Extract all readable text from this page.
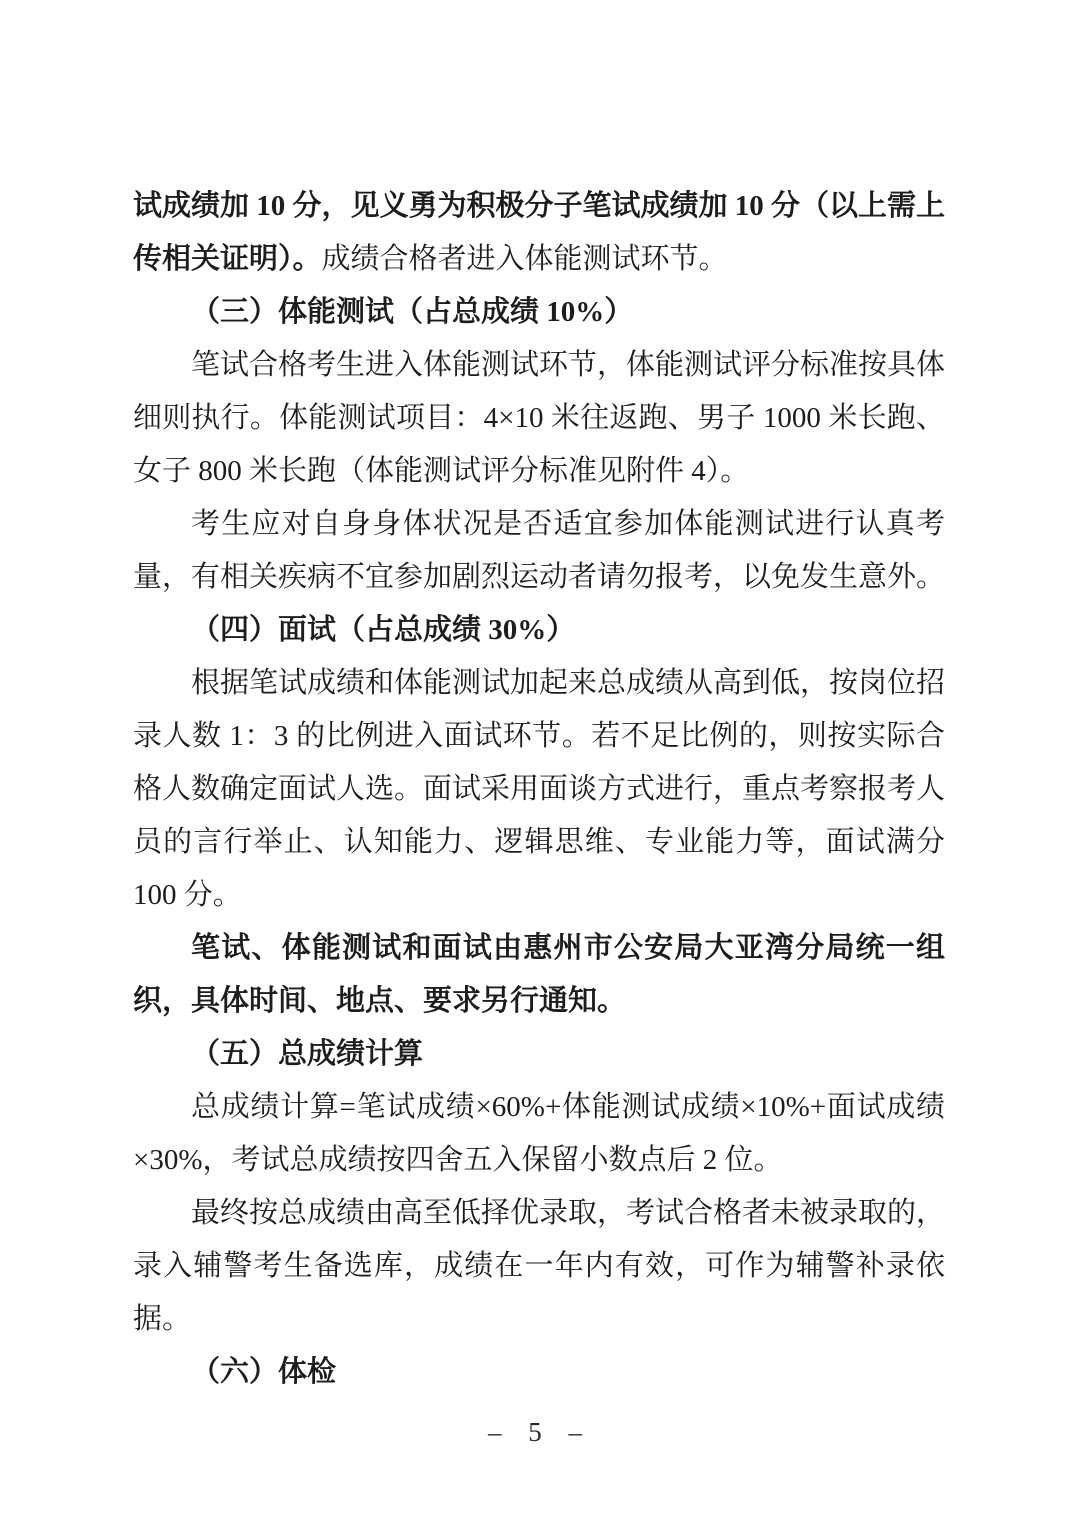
试成绩加 10 分，见义勇为积极分子笔试成绩加 10 分（以上需上传相关证明）。成绩合格者进入体能测试环节。

（三）体能测试（占总成绩 10%）

笔试合格考生进入体能测试环节，体能测试评分标准按具体细则执行。体能测试项目：4×10 米往返跑、男子 1000 米长跑、女子 800 米长跑（体能测试评分标准见附件 4）。

考生应对自身身体状况是否适宜参加体能测试进行认真考量，有相关疾病不宜参加剧烈运动者请勿报考，以免发生意外。

（四）面试（占总成绩 30%）

根据笔试成绩和体能测试加起来总成绩从高到低，按岗位招录人数 1：3 的比例进入面试环节。若不足比例的，则按实际合格人数确定面试人选。面试采用面谈方式进行，重点考察报考人员的言行举止、认知能力、逻辑思维、专业能力等，面试满分 100 分。

笔试、体能测试和面试由惠州市公安局大亚湾分局统一组织，具体时间、地点、要求另行通知。

（五）总成绩计算

总成绩计算=笔试成绩×60%+体能测试成绩×10%+面试成绩×30%，考试总成绩按四舍五入保留小数点后 2 位。

最终按总成绩由高至低择优录取，考试合格者未被录取的，录入辅警考生备选库，成绩在一年内有效，可作为辅警补录依据。

（六）体检
– 5 –
